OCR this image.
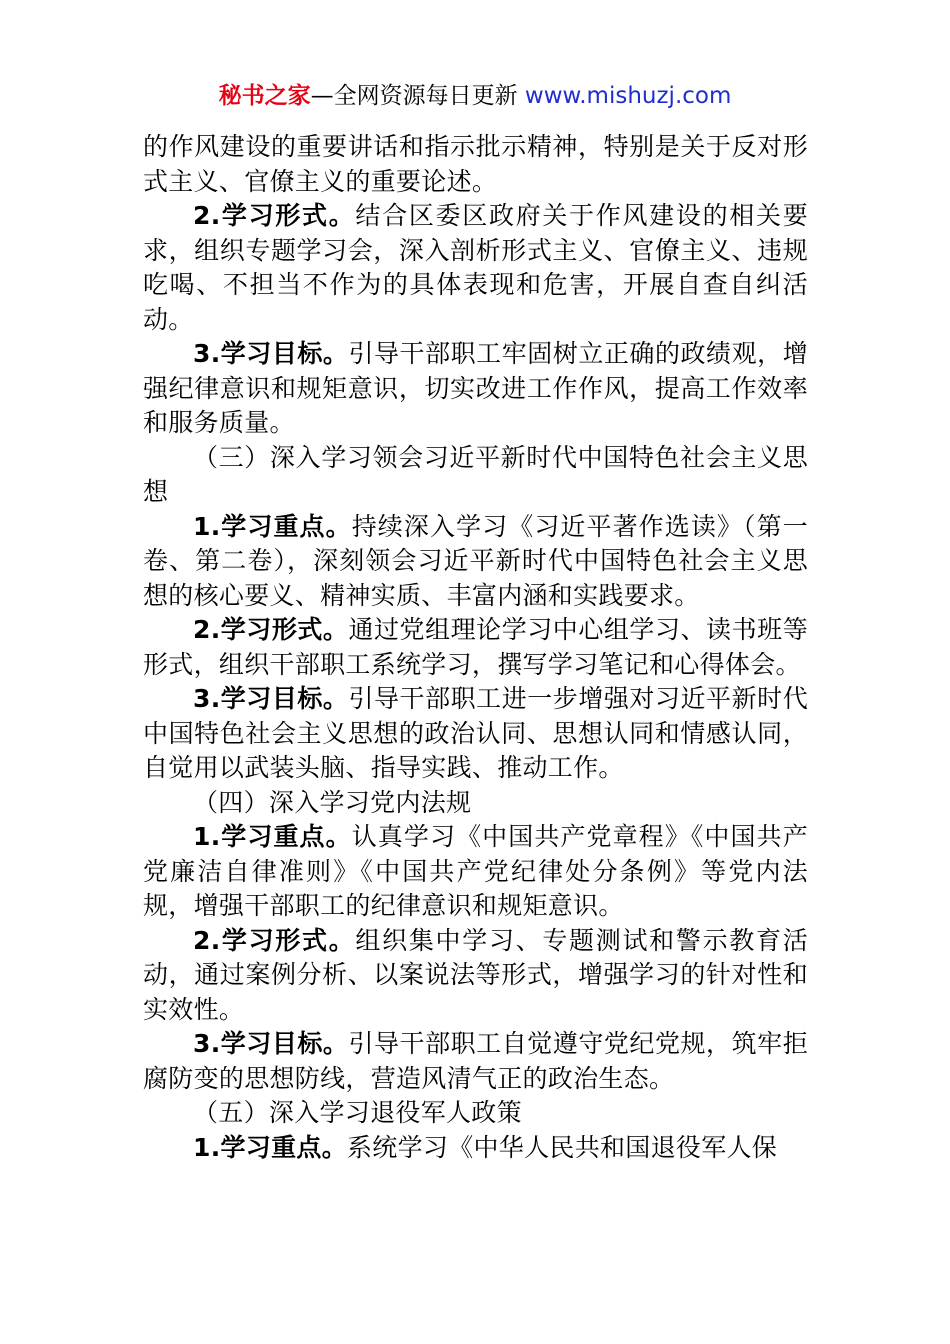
秘书之家—全网资源每日更新 www.mishuzj.com

的作风建设的重要讲话和指示批示精神，特别是关于反对形式主义、官僚主义的重要论述。

2.学习形式。结合区委区政府关于作风建设的相关要求，组织专题学习会，深入剖析形式主义、官僚主义、违规吃喝、不担当不作为的具体表现和危害，开展自查自纠活动。

3.学习目标。引导干部职工牢固树立正确的政绩观，增强纪律意识和规矩意识，切实改进工作作风，提高工作效率和服务质量。

（三）深入学习领会习近平新时代中国特色社会主义思想

1.学习重点。持续深入学习《习近平著作选读》（第一卷、第二卷），深刻领会习近平新时代中国特色社会主义思想的核心要义、精神实质、丰富内涵和实践要求。

2.学习形式。通过党组理论学习中心组学习、读书班等形式，组织干部职工系统学习，撰写学习笔记和心得体会。

3.学习目标。引导干部职工进一步增强对习近平新时代中国特色社会主义思想的政治认同、思想认同和情感认同，自觉用以武装头脑、指导实践、推动工作。

（四）深入学习党内法规

1.学习重点。认真学习《中国共产党章程》《中国共产党廉洁自律准则》《中国共产党纪律处分条例》等党内法规，增强干部职工的纪律意识和规矩意识。

2.学习形式。组织集中学习、专题测试和警示教育活动，通过案例分析、以案说法等形式，增强学习的针对性和实效性。

3.学习目标。引导干部职工自觉遵守党纪党规，筑牢拒腐防变的思想防线，营造风清气正的政治生态。

（五）深入学习退役军人政策

1.学习重点。系统学习《中华人民共和国退役军人保
